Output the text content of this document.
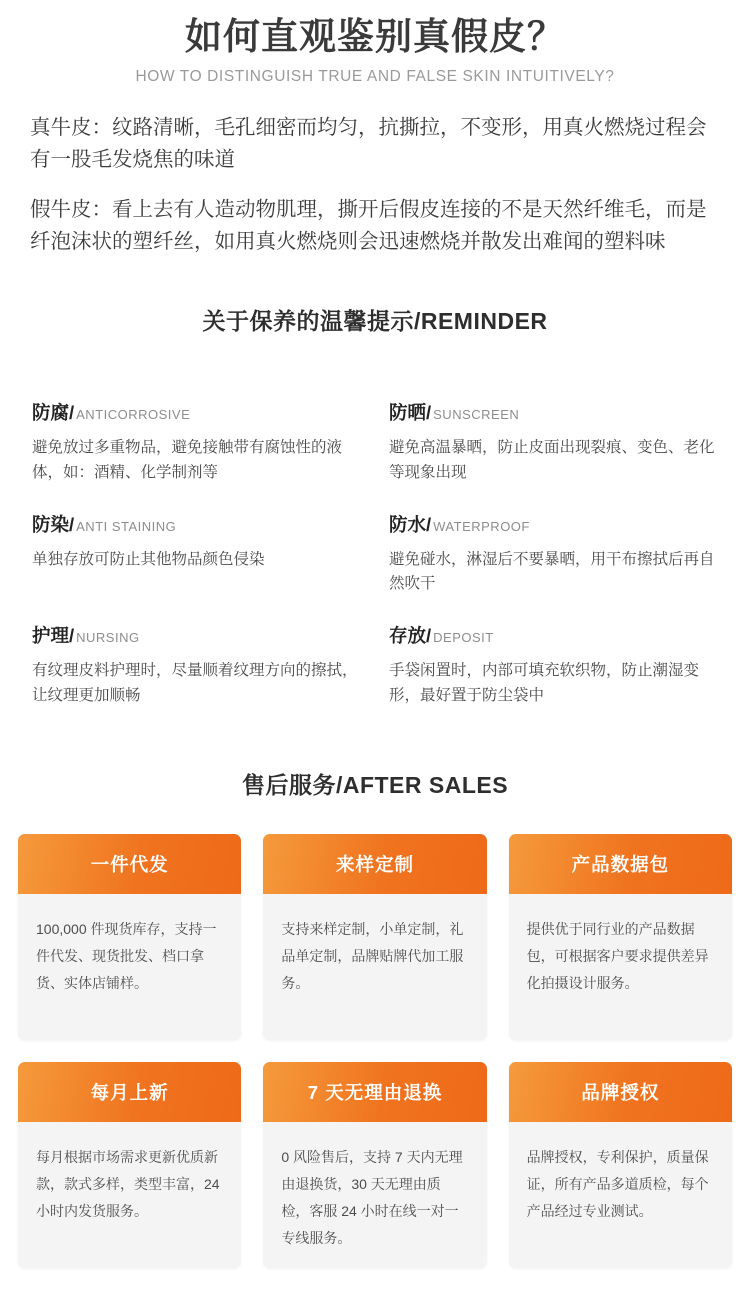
如何直观鉴别真假皮？
HOW TO DISTINGUISH TRUE AND FALSE SKIN INTUITIVELY?

真牛皮：纹路清晰，毛孔细密而均匀，抗撕拉，不变形，用真火燃烧过程会有一股毛发烧焦的味道

假牛皮：看上去有人造动物肌理，撕开后假皮连接的不是天然纤维毛，而是纤泡沫状的塑纤丝，如用真火燃烧则会迅速燃烧并散发出难闻的塑料味

关于保养的温馨提示/REMINDER
防腐/ ANTICORROSIVE
避免放过多重物品，避免接触带有腐蚀性的液体，如：酒精、化学制剂等
防晒/ SUNSCREEN
避免高温暴晒，防止皮面出现裂痕、变色、老化等现象出现
防染/ ANTI STAINING
单独存放可防止其他物品颜色侵染
防水/ WATERPROOF
避免碰水，淋湿后不要暴晒，用干布擦拭后再自然吹干
护理/ NURSING
有纹理皮料护理时，尽量顺着纹理方向的擦拭，让纹理更加顺畅
存放/ DEPOSIT
手袋闲置时，内部可填充软织物，防止潮湿变形，最好置于防尘袋中
售后服务/AFTER SALES
一件代发
100,000 件现货库存，支持一件代发、现货批发、档口拿货、实体店铺样。
来样定制
支持来样定制，小单定制，礼品单定制，品牌贴牌代加工服务。
产品数据包
提供优于同行业的产品数据包，可根据客户要求提供差异化拍摄设计服务。
每月上新
每月根据市场需求更新优质新款，款式多样，类型丰富，24 小时内发货服务。
7 天无理由退换
0 风险售后，支持 7 天内无理由退换货，30 天无理由质检，客服 24 小时在线一对一专线服务。
品牌授权
品牌授权，专利保护，质量保证，所有产品多道质检，每个产品经过专业测试。
